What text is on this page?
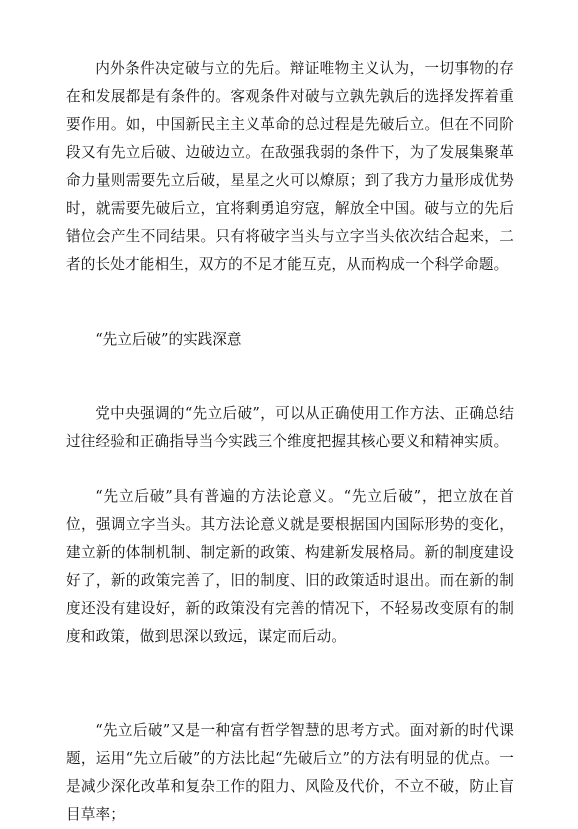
内外条件决定破与立的先后。辩证唯物主义认为，一切事物的存在和发展都是有条件的。客观条件对破与立孰先孰后的选择发挥着重要作用。如，中国新民主主义革命的总过程是先破后立。但在不同阶段又有先立后破、边破边立。在敌强我弱的条件下，为了发展集聚革命力量则需要先立后破，星星之火可以燎原；到了我方力量形成优势时，就需要先破后立，宜将剩勇追穷寇，解放全中国。破与立的先后错位会产生不同结果。只有将破字当头与立字当头依次结合起来，二者的长处才能相生，双方的不足才能互克，从而构成一个科学命题。

“先立后破”的实践深意

党中央强调的“先立后破”，可以从正确使用工作方法、正确总结过往经验和正确指导当今实践三个维度把握其核心要义和精神实质。

“先立后破”具有普遍的方法论意义。“先立后破”，把立放在首位，强调立字当头。其方法论意义就是要根据国内国际形势的变化，建立新的体制机制、制定新的政策、构建新发展格局。新的制度建设好了，新的政策完善了，旧的制度、旧的政策适时退出。而在新的制度还没有建设好，新的政策没有完善的情况下，不轻易改变原有的制度和政策，做到思深以致远，谋定而后动。

“先立后破”又是一种富有哲学智慧的思考方式。面对新的时代课题，运用“先立后破”的方法比起“先破后立”的方法有明显的优点。一是减少深化改革和复杂工作的阻力、风险及代价，不立不破，防止盲目草率；
